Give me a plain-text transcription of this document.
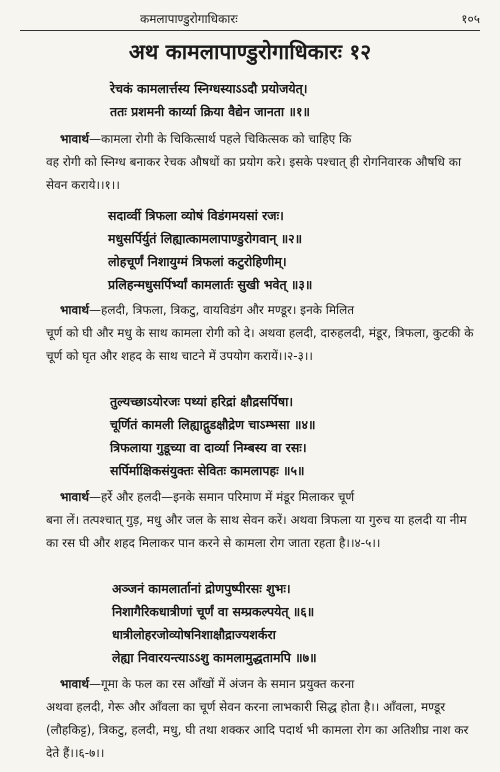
कमलापाण्डुरोगाधिकारः	१०५
अथ कामलापाण्डुरोगाधिकारः १२
रेचकं कामलार्त्तस्य स्निग्धस्याऽऽदौ प्रयोजयेत्।
ततः प्रशमनी कार्य्या क्रिया वैद्येन जानता ॥१॥
भावार्थ—कामला रोगी के चिकित्सार्थ पहले चिकित्सक को चाहिए कि
वह रोगी को स्निग्ध बनाकर रेचक औषधों का प्रयोग करे। इसके पश्चात् ही रोगनिवारक औषधि का सेवन कराये।।१।।
सदार्व्वी त्रिफला व्योषं विडंगमयसां रजः।
मधुसर्पिर्युतं लिह्यात्कामलापाण्डुरोगवान् ॥२॥
लोहचूर्णं निशायुग्मं त्रिफलां कटुरोहिणीम्।
प्रलिहन्मधुसर्पिर्भ्यां कामलार्तः सुखी भवेत् ॥३॥
भावार्थ—हलदी, त्रिफला, त्रिकटु, वायविडंग और मण्डूर। इनके मिलित
चूर्ण को घी और मधु के साथ कामला रोगी को दे। अथवा हलदी, दारुहलदी, मंडूर, त्रिफला, कुटकी के चूर्ण को घृत और शहद के साथ चाटने में उपयोग करायें।।२-३।।
तुल्यच्छाऽयोरजः पथ्यां हरिद्रां क्षौद्रसर्पिषा।
चूर्णितं कामली लिह्याद्गुडक्षौद्रेण चाऽम्भसा ॥४॥
त्रिफलाया गुडूच्या वा दार्व्या निम्बस्य वा रसः।
सर्पिर्माक्षिकसंयुक्तः सेवितः कामलापहः ॥५॥
भावार्थ—हर्रे और हलदी—इनके समान परिमाण में मंडूर मिलाकर चूर्ण
बना लें। तत्पश्चात् गुड़, मधु और जल के साथ सेवन करें। अथवा त्रिफला या गुरुच या हलदी या नीम का रस घी और शहद मिलाकर पान करने से कामला रोग जाता रहता है।।४-५।।
अञ्जनं कामलार्तानां द्रोणपुष्पीरसः शुभः।
निशागैरिकधात्रीणां चूर्णं वा सम्प्रकल्पयेत् ॥६॥
धात्रीलोहरजोव्योषनिशाक्षौद्राज्यशर्करा
लेह्या निवारयन्त्याऽऽशु कामलामुद्धतामपि ॥७॥
भावार्थ—गूमा के फल का रस आँखों में अंजन के समान प्रयुक्त करना
अथवा हलदी, गेरू और आँवला का चूर्ण सेवन करना लाभकारी सिद्ध होता है।। आँवला, मण्डूर (लौहकिट्ट), त्रिकटु, हलदी, मधु, घी तथा शक्कर आदि पदार्थ भी कामला रोग का अतिशीघ्र नाश कर देते हैं।।६-७।।
